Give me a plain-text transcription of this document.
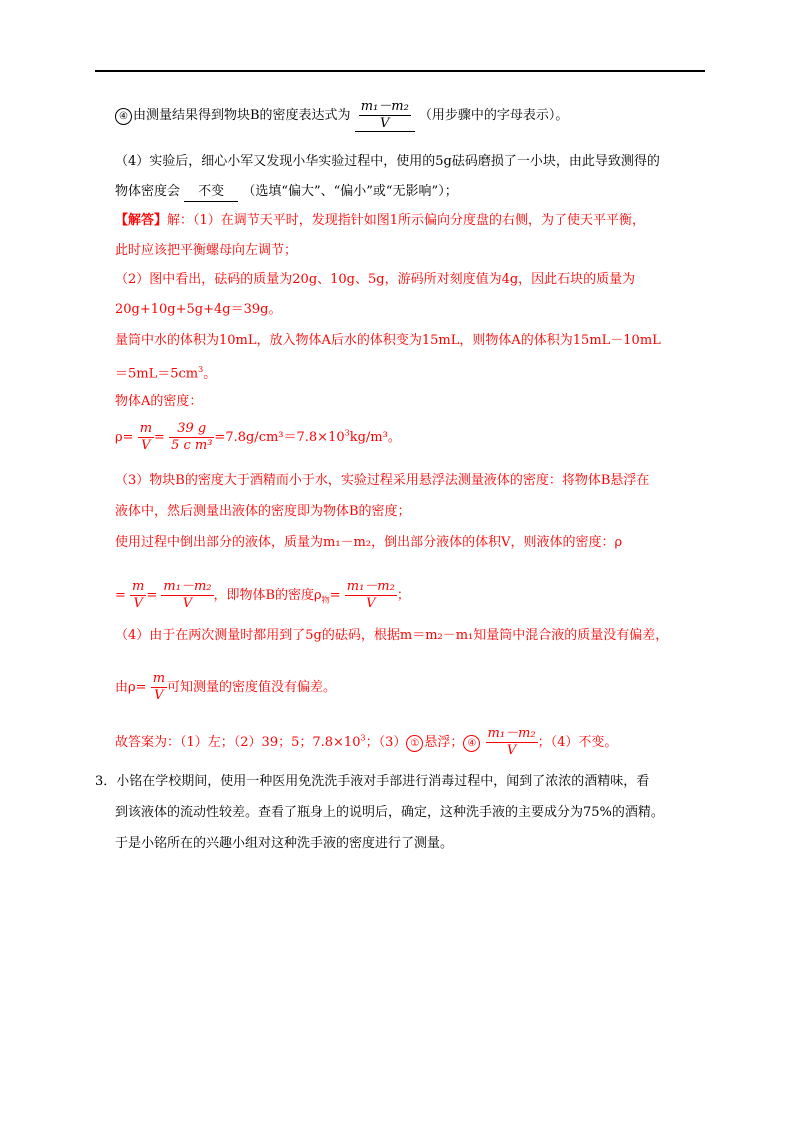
④ 由测量结果得到物块B的密度表达式为 $\frac{\text{m₁－m₂}}{V}$ （用步骤中的字母表示）。
（4）实验后，细心小军又发现小华实验过程中，使用的5g砝码磨损了一小块，由此导致测得的
物体密度会 不变 （选填“偏大”、“偏小”或“无影响”）；
【解答】解：（1）在调节天平时，发现指针如图1所示偏向分度盘的右侧，为了使天平平衡，
此时应该把平衡螺母向左调节；
（2）图中看出，砝码的质量为20g、10g、5g，游码所对刻度值为4g，因此石块的质量为
20g+10g+5g+4g＝39g。
量筒中水的体积为10mL，放入物体A后水的体积变为15mL，则物体A的体积为15mL－10mL
$=5mL=5cm^3$。
物体A的密度：
$\rho= \frac{m}{V} = \frac{39 g}{\text{5 c m³}} =7.8g/cm^3=7.8\times 10^3kg/m^3$。
（3）物块B的密度大于酒精而小于水，实验过程采用悬浮法测量液体的密度：将物体B悬浮在
液体中，然后测量出液体的密度即为物体B的密度；
使用过程中倒出部分的液体，质量为m₁－m₂，倒出部分液体的体积V，则液体的密度：ρ
= $\frac{m}{V} = \frac{\text{m₁－m₂}}{V}$ ，即物体B的密度$\rho_物= \frac{\text{m₁－m₂}}{V}$ ；
（4）由于在两次测量时都用到了5g的砝码，根据m＝m₂－m₁知量筒中混合液的质量没有偏差，
由$\rho= \frac{m}{V}$ 可知测量的密度值没有偏差。
故答案为：（1）左；（2）39；5；$7.8\times 10^3$；（3） ① 悬浮； ④ $\frac{\text{m₁－m₂}}{V}$ ；（4）不变。
3．小铭在学校期间，使用一种医用免洗洗手液对手部进行消毒过程中，闻到了浓浓的酒精味，看
到该液体的流动性较差。查看了瓶身上的说明后，确定，这种洗手液的主要成分为75%的酒精。
于是小铭所在的兴趣小组对这种洗手液的密度进行了测量。
